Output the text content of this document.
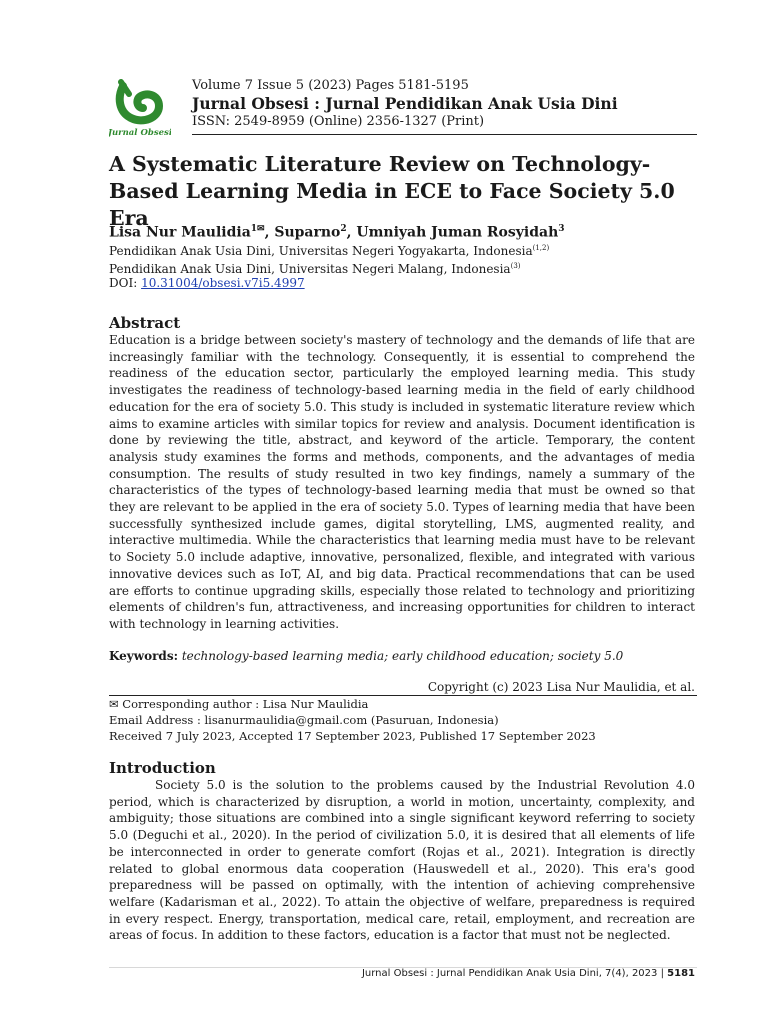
Jurnal Obsesi
Volume 7 Issue 5 (2023) Pages 5181-5195
Jurnal Obsesi : Jurnal Pendidikan Anak Usia Dini
ISSN: 2549-8959 (Online) 2356-1327 (Print)
A Systematic Literature Review on Technology-Based Learning Media in ECE to Face Society 5.0 Era
Lisa Nur Maulidia$^{1✉}$, Suparno$^2$, Umniyah Juman Rosyidah$^3$
Pendidikan Anak Usia Dini, Universitas Negeri Yogyakarta, Indonesia$^{(1,2)}$
Pendidikan Anak Usia Dini, Universitas Negeri Malang, Indonesia$^{(3)}$
DOI: 10.31004/obsesi.v7i5.4997
Abstract
Education is a bridge between society's mastery of technology and the demands of life that are increasingly familiar with the technology. Consequently, it is essential to comprehend the readiness of the education sector, particularly the employed learning media. This study investigates the readiness of technology-based learning media in the field of early childhood education for the era of society 5.0. This study is included in systematic literature review which aims to examine articles with similar topics for review and analysis. Document identification is done by reviewing the title, abstract, and keyword of the article. Temporary, the content analysis study examines the forms and methods, components, and the advantages of media consumption. The results of study resulted in two key findings, namely a summary of the characteristics of the types of technology-based learning media that must be owned so that they are relevant to be applied in the era of society 5.0. Types of learning media that have been successfully synthesized include games, digital storytelling, LMS, augmented reality, and interactive multimedia. While the characteristics that learning media must have to be relevant to Society 5.0 include adaptive, innovative, personalized, flexible, and integrated with various innovative devices such as IoT, AI, and big data. Practical recommendations that can be used are efforts to continue upgrading skills, especially those related to technology and prioritizing elements of children's fun, attractiveness, and increasing opportunities for children to interact with technology in learning activities.
Keywords: technology-based learning media; early childhood education; society 5.0
Copyright (c) 2023 Lisa Nur Maulidia, et al.
✉ Corresponding author : Lisa Nur Maulidia
Email Address : lisanurmaulidia@gmail.com (Pasuruan, Indonesia)
Received 7 July 2023, Accepted 17 September 2023, Published 17 September 2023
Introduction
Society 5.0 is the solution to the problems caused by the Industrial Revolution 4.0 period, which is characterized by disruption, a world in motion, uncertainty, complexity, and ambiguity; those situations are combined into a single significant keyword referring to society 5.0 (Deguchi et al., 2020). In the period of civilization 5.0, it is desired that all elements of life be interconnected in order to generate comfort (Rojas et al., 2021). Integration is directly related to global enormous data cooperation (Hauswedell et al., 2020). This era's good preparedness will be passed on optimally, with the intention of achieving comprehensive welfare (Kadarisman et al., 2022). To attain the objective of welfare, preparedness is required in every respect. Energy, transportation, medical care, retail, employment, and recreation are areas of focus. In addition to these factors, education is a factor that must not be neglected.
Jurnal Obsesi : Jurnal Pendidikan Anak Usia Dini, 7(4), 2023 | 5181
